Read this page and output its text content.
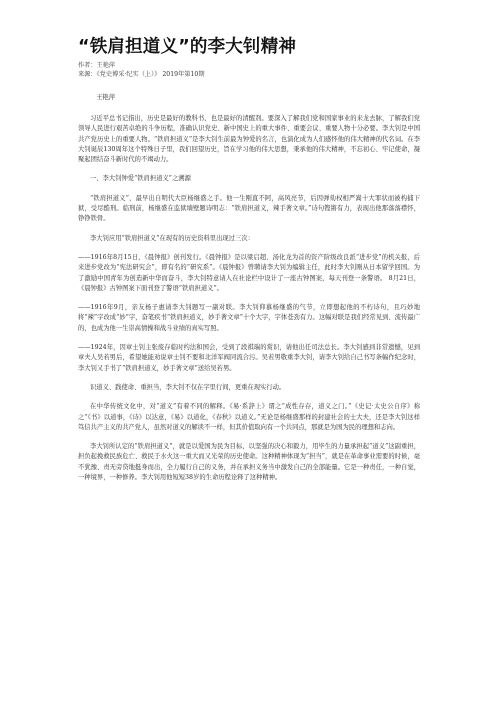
“铁肩担道义”的李大钊精神
作者：王艳萍
来源：《党史博采·纪实（上）》 2019年第10期
王艳萍

习近平总书记指出，历史是最好的教科书，也是最好的清醒剂。要深入了解我们党和国家事业的来龙去脉，了解我们党领导人民进行艰苦卓绝的斗争历程，准确认识党史、新中国史上的重大事件、重要会议、重要人物十分必要。李大钊是中国共产党历史上的重要人物。“铁肩担道义”是李大钊生前最为钟爱的名言，也演化成为人们感怀他的伟大精神的代名词。在李大钊诞辰130周年这个特殊日子里，我们回望历史，旨在学习他的伟大思想，秉承他的伟大精神，不忘初心、牢记使命，凝聚起团结奋斗新时代的不竭动力。

一、李大钊钟爱“铁肩担道义”之溯源

“铁肩担道义”，最早出自明代大臣杨继盛之手。他一生刚直不阿，高风亮节，后因弹劾权相严嵩十大罪状而被构捕下狱，受尽酷刑。临刑前，杨继盛在监狱墙壁题诗明志：“铁肩担道义，辣手著文章。”诗句铿锵有力，表现出他那落落襟怀，铮铮铁骨。

李大钊应用“铁肩担道义”在现有的历史资料里出现过三次：

——1916年8月15日，《晨钟报》创刊发行。《晨钟报》是以梁启超、汤化龙为首的资产阶级改良派“进步党”的机关报，后来进步党改为“宪法研究会”，即有名的“研究系”。《晨钟报》曾聘请李大钊为编辑主任，此时李大钊刚从日本留学回国。为了激励中国青年为创造新中华而奋斗，李大钊特意请人在社论栏中设计了一座古钟图案，每天刊登一条警语。 8月21日，《晨钟报》古钟图案下面刊登了警语“铁肩担道义”。

——1916年9月，亲友杨子惠请李大钊题写一副对联。李大钊仰慕杨继盛的气节，立即想起他的不朽诗句，且巧妙地将“辣”字改成“妙”字，奋笔疾书“铁肩担道义，妙手著文章”十个大字，字体苍劲有力。这幅对联是我们经常见到、流传最广的，也成为他一生崇高情操和战斗业绩的真实写照。

——1924年，因章士钊主张废存临时约法和国会，受到了段祺瑞的赏识，请他出任司法总长。李大钊感到非常遗憾，见到章夫人吴若男后，希望她能劝说章士钊不要和北洋军阀同流合污。吴若男敬重李大钊，请李大钊给自己书写条幅作纪念时，李大钊又手书了“铁肩担道义，妙手著文章”送给吴若男。

识道义、践使命、重担当，李大钊不仅在字里行间，更重在现实行动。

在中华传统文化中，对“道义”有着不同的解释。《易·系辞上》谓之“成性存存，道义之门。”《史记·太史公自序》称之“《书》以道事，《诗》以达意，《易》以道化，《春秋》以道义。”无论是杨继盛那样的封建社会的士大夫，还是李大钊这样笃信共产主义的共产党人，虽然对道义的解读不一样，但其价值取向有一个共同点，那就是为国为民的理想和志向。

李大钊所认定的“铁肩担道义”，就是以爱国为民为目标，以坚强的决心和毅力，用毕生的力量承担起“道义”这副重担，担负起挽救民族危亡、救民于水火这一重大而又光荣的历史使命。这种精神体现为“担当”，就是在革命事业需要的时候，毫不犹豫、责无旁贷地挺身而出，全力履行自己的义务，并在承担义务当中激发自己的全部能量。它是一种责任，一种自觉，一种境界，一种修养。李大钊用他短短38岁的生命历程诠释了这种精神。
